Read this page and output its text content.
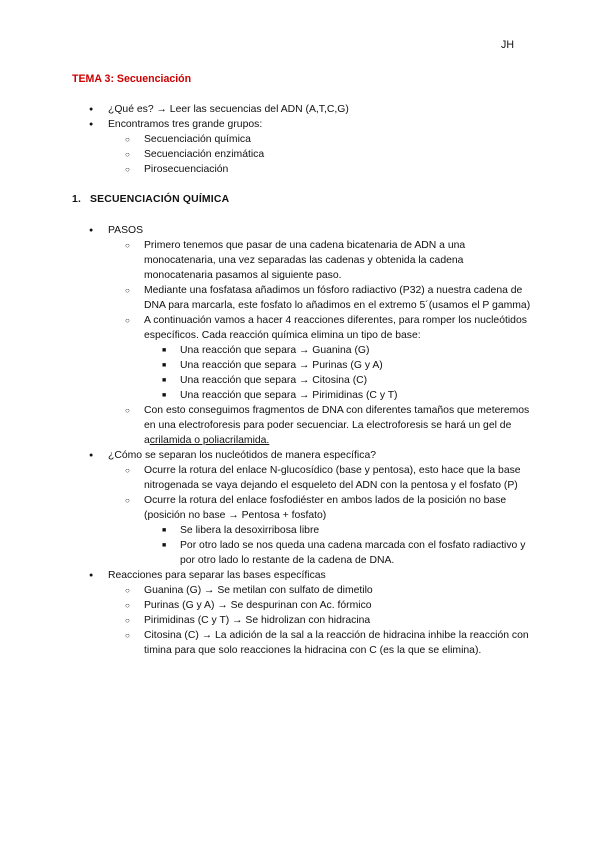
JH
TEMA 3: Secuenciación
● ¿Qué es? → Leer las secuencias del ADN (A,T,C,G)
● Encontramos tres grande grupos:
○ Secuenciación química
○ Secuenciación enzimática
○ Pirosecuenciación
1. SECUENCIACIÓN QUÍMICA
● PASOS
○ Primero tenemos que pasar de una cadena bicatenaria de ADN a una monocatenaria, una vez separadas las cadenas y obtenida la cadena monocatenaria pasamos al siguiente paso.
○ Mediante una fosfatasa añadimos un fósforo radiactivo (P32) a nuestra cadena de DNA para marcarla, este fosfato lo añadimos en el extremo 5´(usamos el P gamma)
○ A continuación vamos a hacer 4 reacciones diferentes, para romper los nucleótidos específicos. Cada reacción química elimina un tipo de base:
■ Una reacción que separa → Guanina (G)
■ Una reacción que separa → Purinas (G y A)
■ Una reacción que separa → Citosina (C)
■ Una reacción que separa → Pirimidinas (C y T)
○ Con esto conseguimos fragmentos de DNA con diferentes tamaños que meteremos en una electroforesis para poder secuenciar. La electroforesis se hará un gel de acrilamida o poliacrilamida.
● ¿Cómo se separan los nucleótidos de manera específica?
○ Ocurre la rotura del enlace N-glucosídico (base y pentosa), esto hace que la base nitrogenada se vaya dejando el esqueleto del ADN con la pentosa y el fosfato (P)
○ Ocurre la rotura del enlace fosfodiéster en ambos lados de la posición no base (posición no base → Pentosa + fosfato)
■ Se libera la desoxirribosa libre
■ Por otro lado se nos queda una cadena marcada con el fosfato radiactivo y por otro lado lo restante de la cadena de DNA.
● Reacciones para separar las bases específicas
○ Guanina (G) → Se metilan con sulfato de dimetilo
○ Purinas (G y A) → Se despurinan con Ac. fórmico
○ Pirimidinas (C y T) → Se hidrolizan con hidracina
○ Citosina (C) → La adición de la sal a la reacción de hidracina inhibe la reacción con timina para que solo reacciones la hidracina con C (es la que se elimina).
